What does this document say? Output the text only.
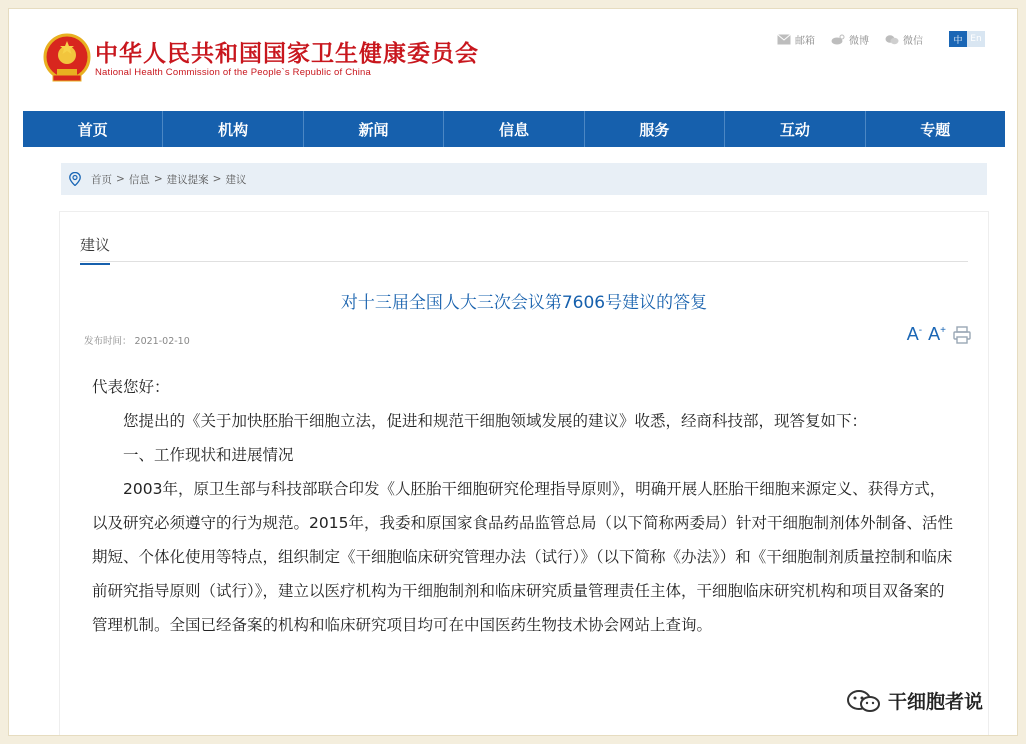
中华人民共和国国家卫生健康委员会
National Health Commission of the People`s Republic of China
邮箱	微博	微信	中 En
首页	机构	新闻	信息	服务	互动	专题
首页 > 信息 > 建议提案 > 建议
建议
对十三届全国人大三次会议第7606号建议的答复
发布时间： 2021-02-10	A- A+

代表您好：

您提出的《关于加快胚胎干细胞立法，促进和规范干细胞领域发展的建议》收悉，经商科技部，现答复如下：

一、工作现状和进展情况

2003年，原卫生部与科技部联合印发《人胚胎干细胞研究伦理指导原则》，明确开展人胚胎干细胞来源定义、获得方式，以及研究必须遵守的行为规范。2015年，我委和原国家食品药品监管总局（以下简称两委局）针对干细胞制剂体外制备、活性期短、个体化使用等特点，组织制定《干细胞临床研究管理办法（试行）》（以下简称《办法》）和《干细胞制剂质量控制和临床前研究指导原则（试行）》，建立以医疗机构为干细胞制剂和临床研究质量管理责任主体，干细胞临床研究机构和项目双备案的管理机制。全国已经备案的机构和临床研究项目均可在中国医药生物技术协会网站上查询。

干细胞者说
